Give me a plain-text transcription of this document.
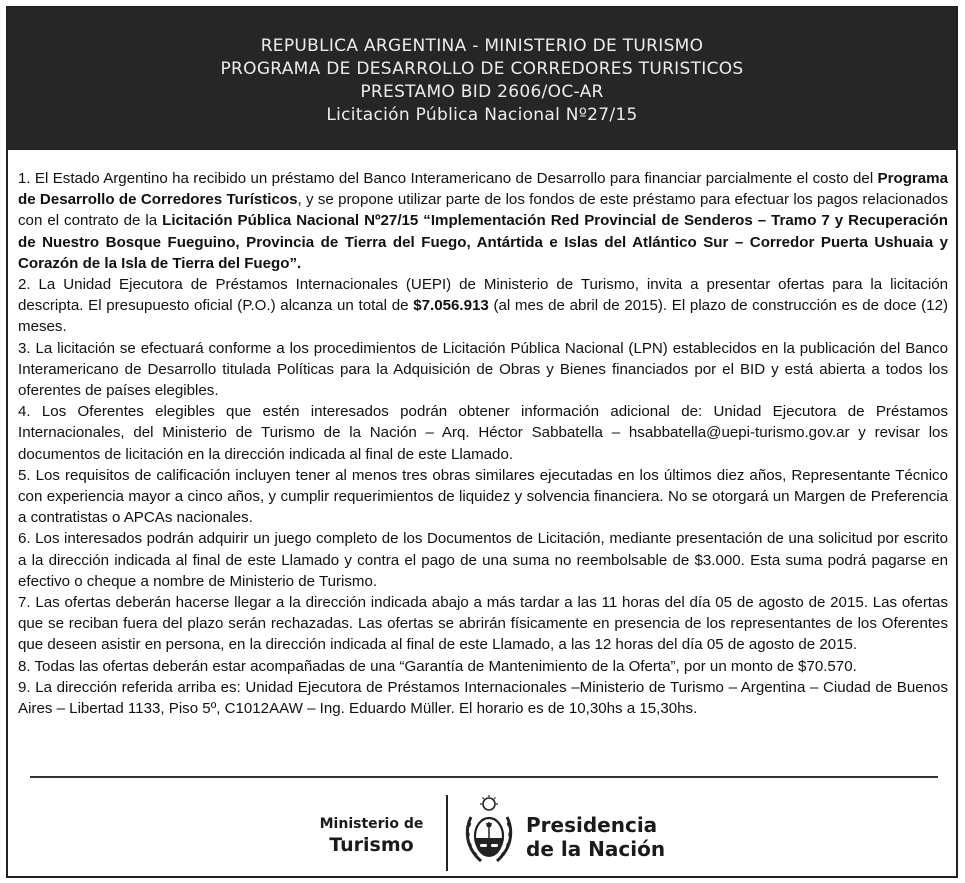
REPUBLICA ARGENTINA - MINISTERIO DE TURISMO
PROGRAMA DE DESARROLLO DE CORREDORES TURISTICOS
PRESTAMO BID 2606/OC-AR
Licitación Pública Nacional Nº27/15

1. El Estado Argentino ha recibido un préstamo del Banco Interamericano de Desarrollo para financiar parcialmente el costo del Programa de Desarrollo de Corredores Turísticos, y se propone utilizar parte de los fondos de este préstamo para efectuar los pagos relacionados con el contrato de la Licitación Pública Nacional Nº27/15 “Implementación Red Provincial de Senderos – Tramo 7 y Recuperación de Nuestro Bosque Fueguino, Provincia de Tierra del Fuego, Antártida e Islas del Atlántico Sur – Corredor Puerta Ushuaia y Corazón de la Isla de Tierra del Fuego”.

2. La Unidad Ejecutora de Préstamos Internacionales (UEPI) de Ministerio de Turismo, invita a presentar ofertas para la licitación descripta. El presupuesto oficial (P.O.) alcanza un total de $7.056.913 (al mes de abril de 2015). El plazo de construcción es de doce (12) meses.

3. La licitación se efectuará conforme a los procedimientos de Licitación Pública Nacional (LPN) establecidos en la publicación del Banco Interamericano de Desarrollo titulada Políticas para la Adquisición de Obras y Bienes financiados por el BID y está abierta a todos los oferentes de países elegibles.

4. Los Oferentes elegibles que estén interesados podrán obtener información adicional de: Unidad Ejecutora de Préstamos Internacionales, del Ministerio de Turismo de la Nación – Arq. Héctor Sabbatella – hsabbatella@uepi-turismo.gov.ar y revisar los documentos de licitación en la dirección indicada al final de este Llamado.

5. Los requisitos de calificación incluyen tener al menos tres obras similares ejecutadas en los últimos diez años, Representante Técnico con experiencia mayor a cinco años, y cumplir requerimientos de liquidez y solvencia financiera. No se otorgará un Margen de Preferencia a contratistas o APCAs nacionales.

6. Los interesados podrán adquirir un juego completo de los Documentos de Licitación, mediante presentación de una solicitud por escrito a la dirección indicada al final de este Llamado y contra el pago de una suma no reembolsable de $3.000. Esta suma podrá pagarse en efectivo o cheque a nombre de Ministerio de Turismo.

7. Las ofertas deberán hacerse llegar a la dirección indicada abajo a más tardar a las 11 horas del día 05 de agosto de 2015. Las ofertas que se reciban fuera del plazo serán rechazadas. Las ofertas se abrirán físicamente en presencia de los representantes de los Oferentes que deseen asistir en persona, en la dirección indicada al final de este Llamado, a las 12 horas del día 05 de agosto de 2015.

8. Todas las ofertas deberán estar acompañadas de una “Garantía de Mantenimiento de la Oferta”, por un monto de $70.570.

9. La dirección referida arriba es: Unidad Ejecutora de Préstamos Internacionales –Ministerio de Turismo – Argentina – Ciudad de Buenos Aires – Libertad 1133, Piso 5º, C1012AAW – Ing. Eduardo Müller. El horario es de 10,30hs a 15,30hs.

Ministerio de
Turismo
Presidencia
de la Nación
